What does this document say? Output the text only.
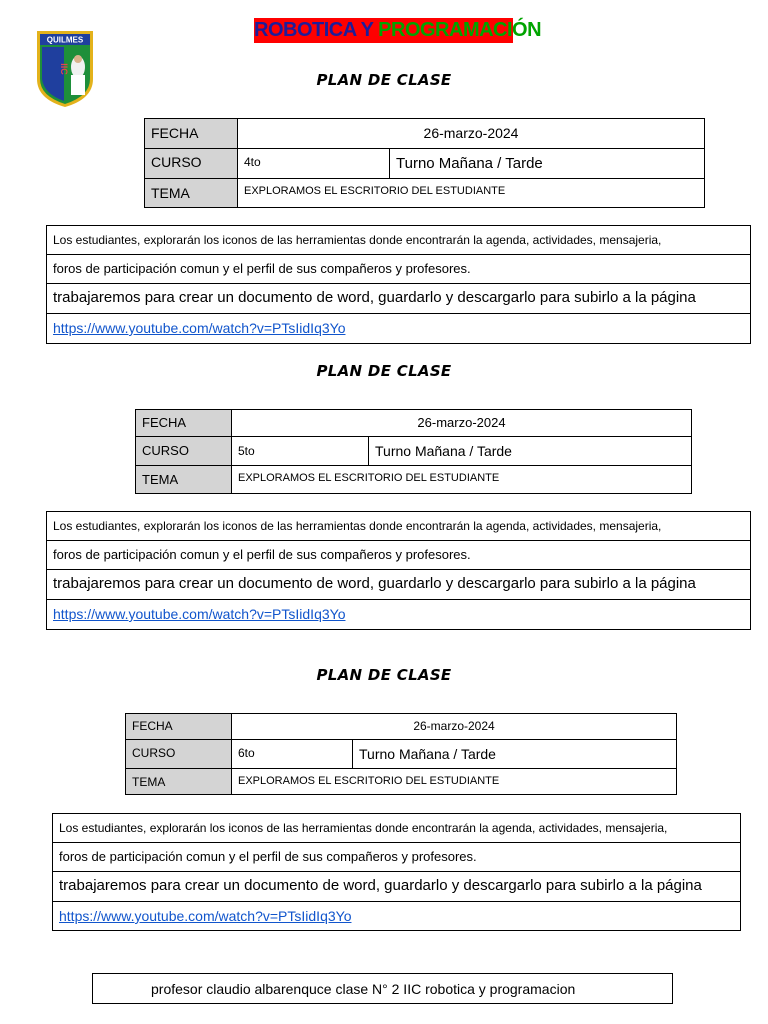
QUILMES
IIC
ROBOTICA Y PROGRAMACIÓN
PLAN DE CLASE
FECHA	26-marzo-2024
CURSO	4to	Turno Mañana / Tarde
TEMA	EXPLORAMOS EL ESCRITORIO DEL ESTUDIANTE
Los estudiantes, explorarán los iconos de las herramientas donde encontrarán la agenda, actividades, mensajeria,
foros de participación comun y el perfil de sus compañeros y profesores.
trabajaremos para crear un documento de word, guardarlo y descargarlo para subirlo a la página
https://www.youtube.com/watch?v=PTsIidIq3Yo
PLAN DE CLASE
FECHA	26-marzo-2024
CURSO	5to	Turno Mañana / Tarde
TEMA	EXPLORAMOS EL ESCRITORIO DEL ESTUDIANTE
Los estudiantes, explorarán los iconos de las herramientas donde encontrarán la agenda, actividades, mensajeria,
foros de participación comun y el perfil de sus compañeros y profesores.
trabajaremos para crear un documento de word, guardarlo y descargarlo para subirlo a la página
https://www.youtube.com/watch?v=PTsIidIq3Yo
PLAN DE CLASE
FECHA	26-marzo-2024
CURSO	6to	Turno Mañana / Tarde
TEMA	EXPLORAMOS EL ESCRITORIO DEL ESTUDIANTE
Los estudiantes, explorarán los iconos de las herramientas donde encontrarán la agenda, actividades, mensajeria,
foros de participación comun y el perfil de sus compañeros y profesores.
trabajaremos para crear un documento de word, guardarlo y descargarlo para subirlo a la página
https://www.youtube.com/watch?v=PTsIidIq3Yo
profesor claudio albarenquce clase N° 2 IIC robotica y programacion
